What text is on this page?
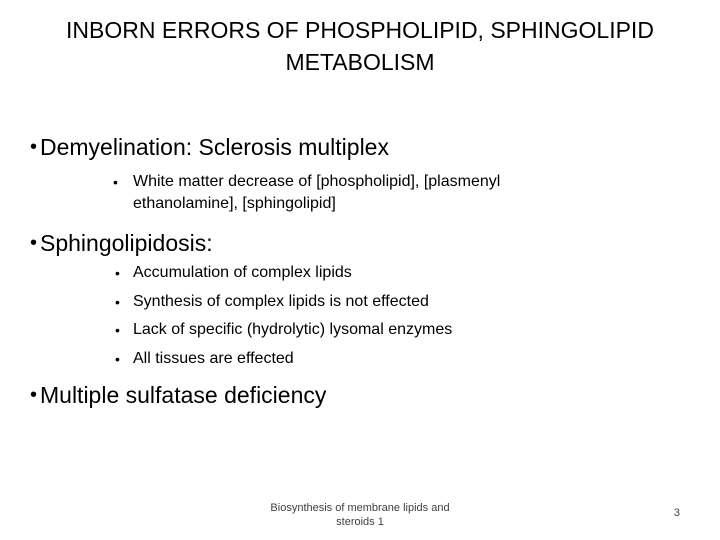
INBORN ERRORS OF PHOSPHOLIPID, SPHINGOLIPID
METABOLISM
• Demyelination: Sclerosis multiplex
• White matter decrease of [phospholipid], [plasmenyl
ethanolamine], [sphingolipid]
• Sphingolipidosis:
• Accumulation of complex lipids
• Synthesis of complex lipids is not effected
• Lack of specific (hydrolytic) lysomal enzymes
• All tissues are effected
• Multiple sulfatase deficiency
Biosynthesis of membrane lipids and
steroids 1
3
